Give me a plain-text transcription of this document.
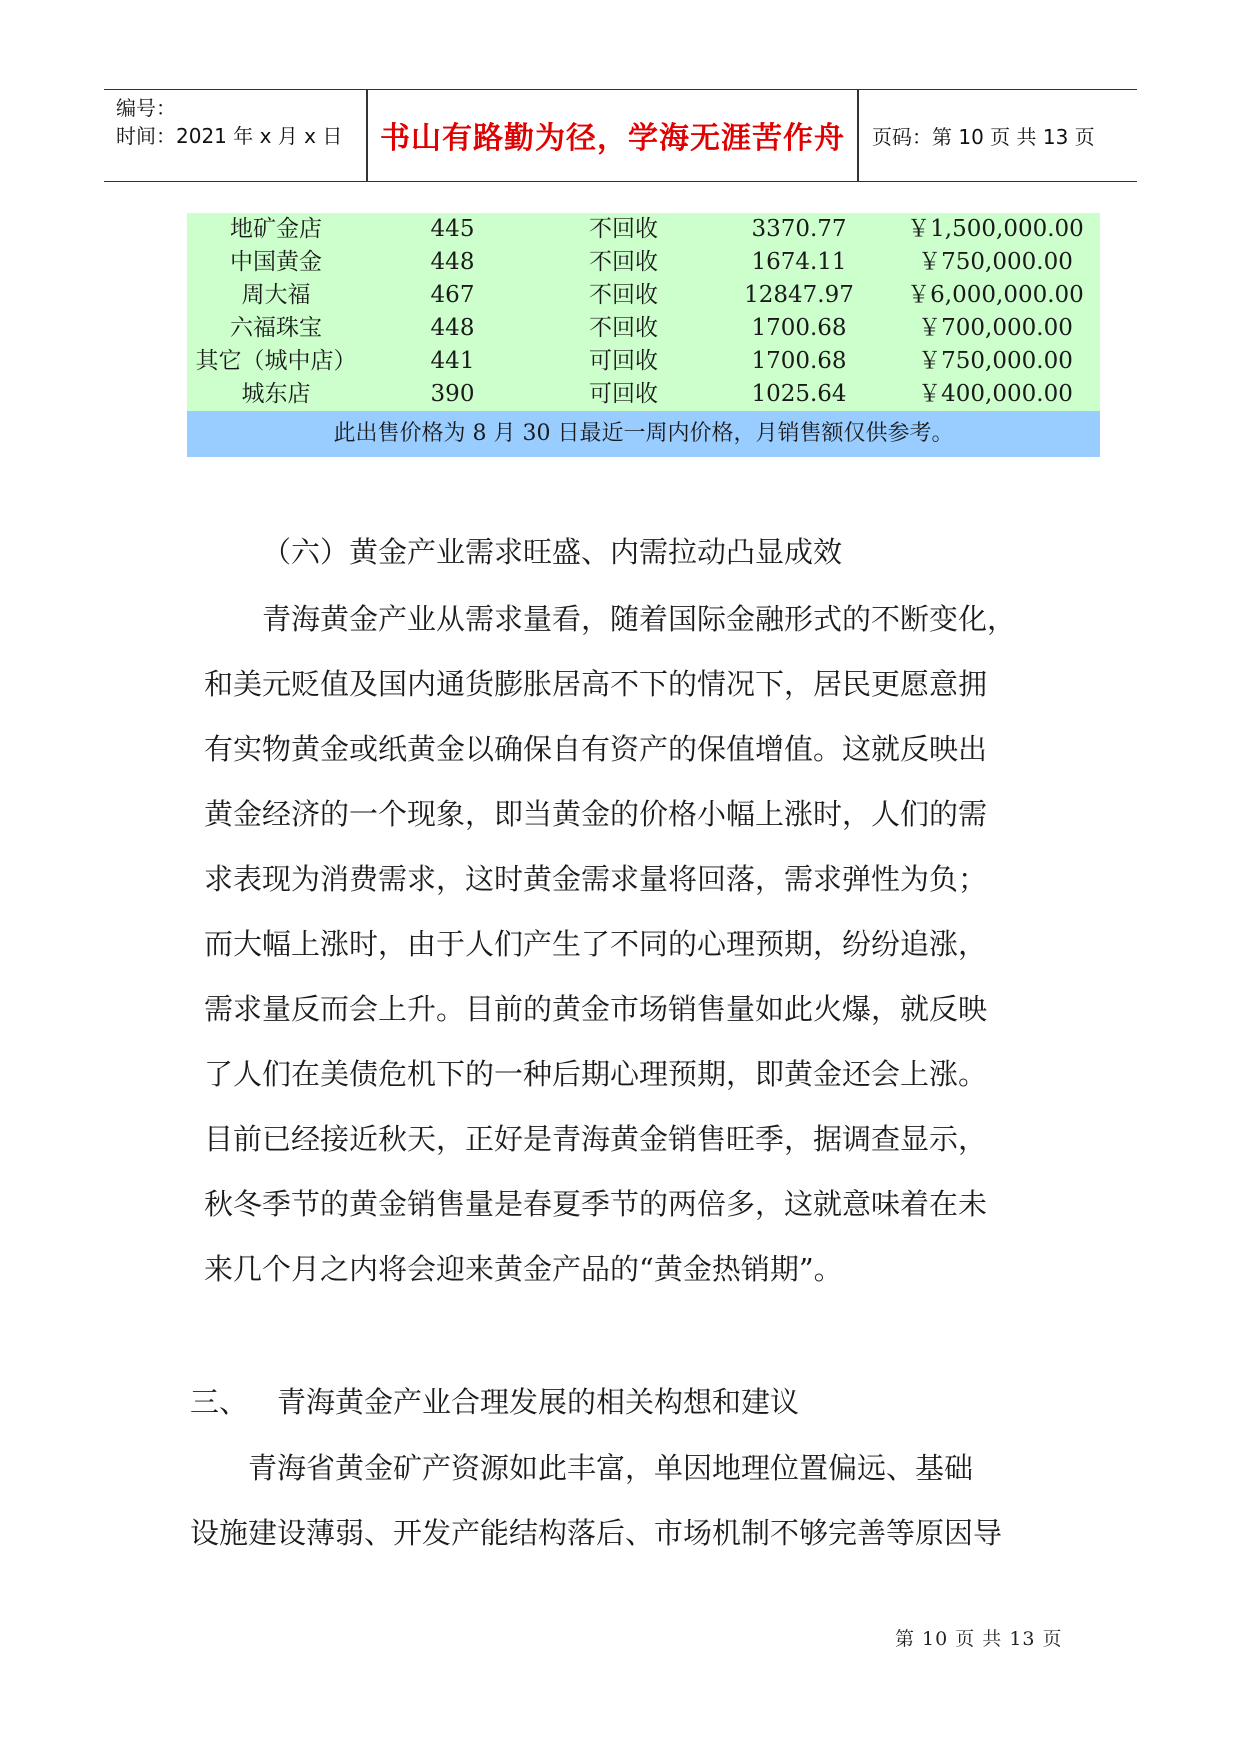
编号：
时间：2021 年 x 月 x 日	书山有路勤为径，学海无涯苦作舟	页码：第 10 页 共 13 页
地矿金店	445	不回收	3370.77	￥1,500,000.00
中国黄金	448	不回收	1674.11	￥750,000.00
周大福	467	不回收	12847.97	￥6,000,000.00
六福珠宝	448	不回收	1700.68	￥700,000.00
其它（城中店）	441	可回收	1700.68	￥750,000.00
城东店	390	可回收	1025.64	￥400,000.00
此出售价格为 8 月 30 日最近一周内价格，月销售额仅供参考。
（六）黄金产业需求旺盛、内需拉动凸显成效
　　青海黄金产业从需求量看，随着国际金融形式的不断变化，
和美元贬值及国内通货膨胀居高不下的情况下，居民更愿意拥
有实物黄金或纸黄金以确保自有资产的保值增值。这就反映出
黄金经济的一个现象，即当黄金的价格小幅上涨时，人们的需
求表现为消费需求，这时黄金需求量将回落，需求弹性为负；
而大幅上涨时，由于人们产生了不同的心理预期，纷纷追涨，
需求量反而会上升。目前的黄金市场销售量如此火爆，就反映
了人们在美债危机下的一种后期心理预期，即黄金还会上涨。
目前已经接近秋天，正好是青海黄金销售旺季，据调查显示，
秋冬季节的黄金销售量是春夏季节的两倍多，这就意味着在未
来几个月之内将会迎来黄金产品的“黄金热销期”。
三、 青海黄金产业合理发展的相关构想和建议
　　青海省黄金矿产资源如此丰富，单因地理位置偏远、基础
设施建设薄弱、开发产能结构落后、市场机制不够完善等原因导
第 10 页 共 13 页
